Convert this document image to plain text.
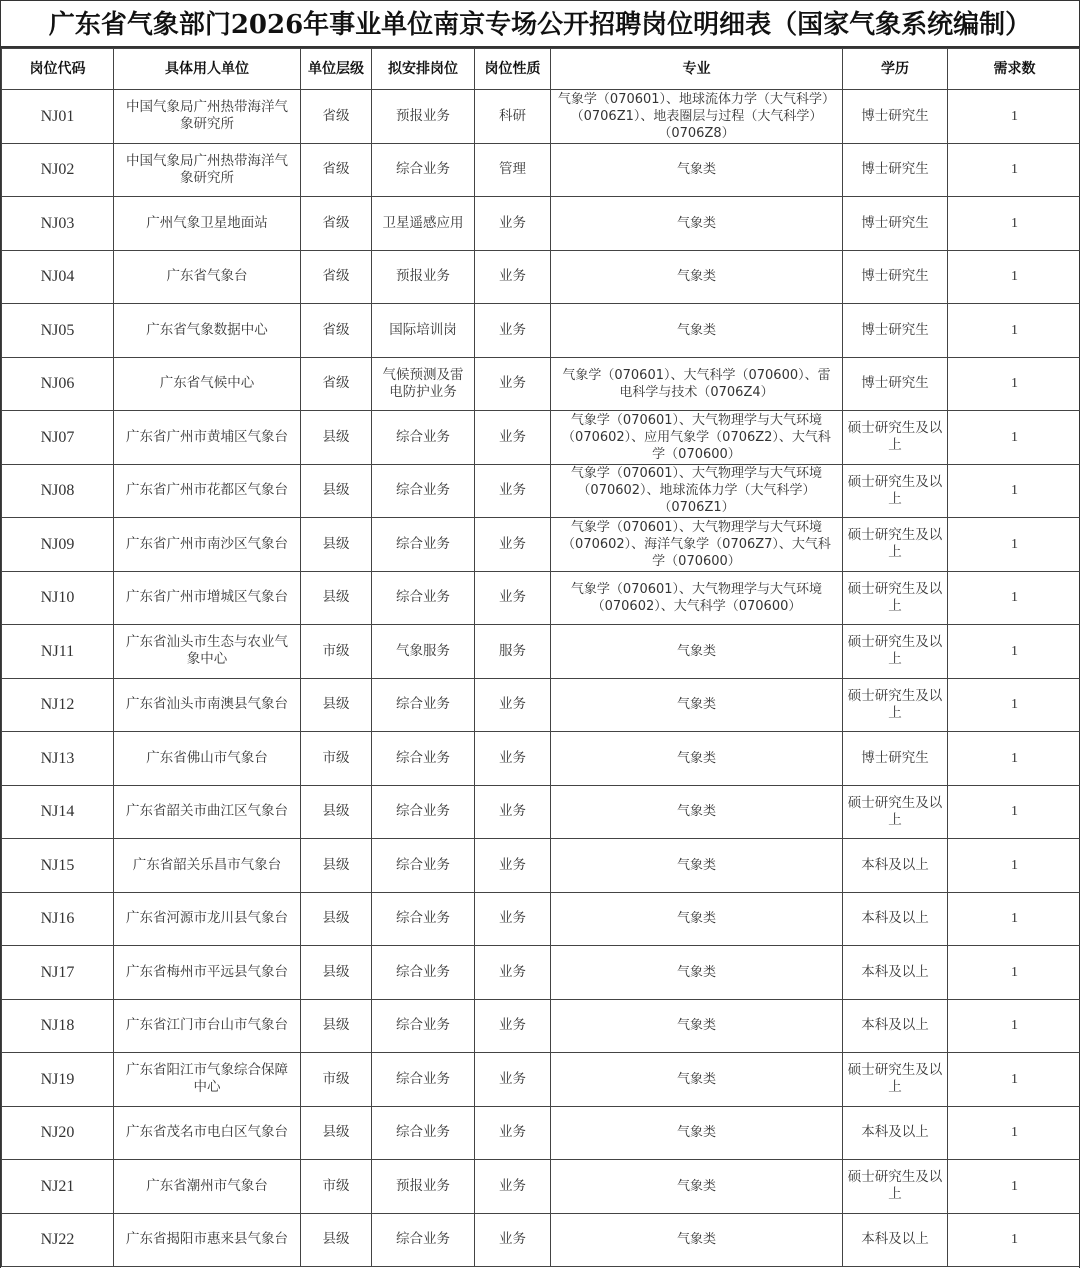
广东省气象部门2026年事业单位南京专场公开招聘岗位明细表（国家气象系统编制）
岗位代码	具体用人单位	单位层级	拟安排岗位	岗位性质	专业	学历	需求数
NJ01	中国气象局广州热带海洋气象研究所	省级	预报业务	科研	气象学（070601）、地球流体力学（大气科学）（0706Z1）、地表圈层与过程（大气科学）（0706Z8）	博士研究生	1
NJ02	中国气象局广州热带海洋气象研究所	省级	综合业务	管理	气象类	博士研究生	1
NJ03	广州气象卫星地面站	省级	卫星遥感应用	业务	气象类	博士研究生	1
NJ04	广东省气象台	省级	预报业务	业务	气象类	博士研究生	1
NJ05	广东省气象数据中心	省级	国际培训岗	业务	气象类	博士研究生	1
NJ06	广东省气候中心	省级	气候预测及雷电防护业务	业务	气象学（070601）、大气科学（070600）、雷电科学与技术（0706Z4）	博士研究生	1
NJ07	广东省广州市黄埔区气象台	县级	综合业务	业务	气象学（070601）、大气物理学与大气环境（070602）、应用气象学（0706Z2）、大气科学（070600）	硕士研究生及以上	1
NJ08	广东省广州市花都区气象台	县级	综合业务	业务	气象学（070601）、大气物理学与大气环境（070602）、地球流体力学（大气科学）（0706Z1）	硕士研究生及以上	1
NJ09	广东省广州市南沙区气象台	县级	综合业务	业务	气象学（070601）、大气物理学与大气环境（070602）、海洋气象学（0706Z7）、大气科学（070600）	硕士研究生及以上	1
NJ10	广东省广州市增城区气象台	县级	综合业务	业务	气象学（070601）、大气物理学与大气环境（070602）、大气科学（070600）	硕士研究生及以上	1
NJ11	广东省汕头市生态与农业气象中心	市级	气象服务	服务	气象类	硕士研究生及以上	1
NJ12	广东省汕头市南澳县气象台	县级	综合业务	业务	气象类	硕士研究生及以上	1
NJ13	广东省佛山市气象台	市级	综合业务	业务	气象类	博士研究生	1
NJ14	广东省韶关市曲江区气象台	县级	综合业务	业务	气象类	硕士研究生及以上	1
NJ15	广东省韶关乐昌市气象台	县级	综合业务	业务	气象类	本科及以上	1
NJ16	广东省河源市龙川县气象台	县级	综合业务	业务	气象类	本科及以上	1
NJ17	广东省梅州市平远县气象台	县级	综合业务	业务	气象类	本科及以上	1
NJ18	广东省江门市台山市气象台	县级	综合业务	业务	气象类	本科及以上	1
NJ19	广东省阳江市气象综合保障中心	市级	综合业务	业务	气象类	硕士研究生及以上	1
NJ20	广东省茂名市电白区气象台	县级	综合业务	业务	气象类	本科及以上	1
NJ21	广东省潮州市气象台	市级	预报业务	业务	气象类	硕士研究生及以上	1
NJ22	广东省揭阳市惠来县气象台	县级	综合业务	业务	气象类	本科及以上	1
